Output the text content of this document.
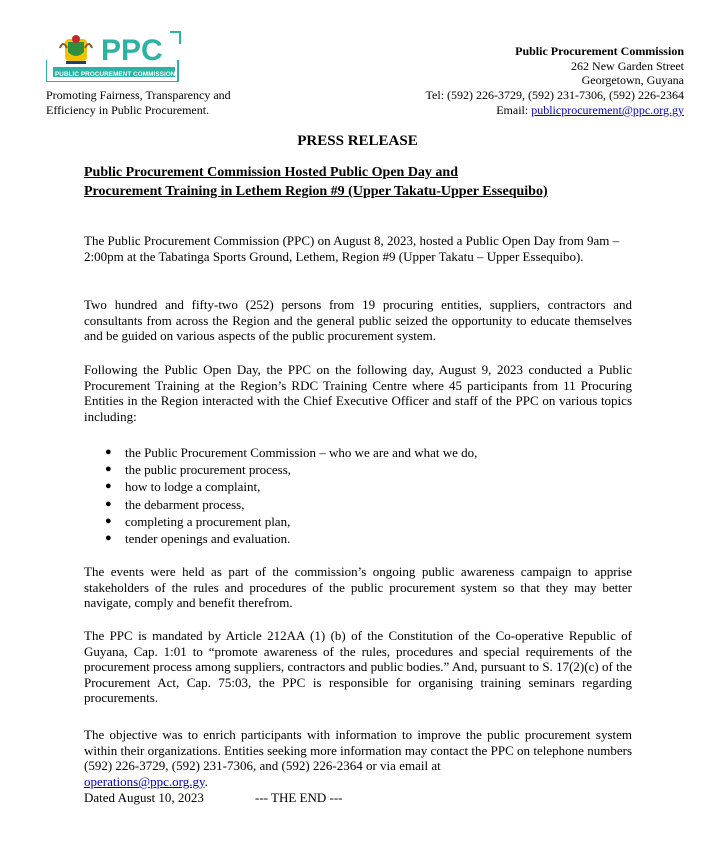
PPC
PUBLIC PROCUREMENT COMMISSION
Promoting Fairness, Transparency and
Efficiency in Public Procurement.
Public Procurement Commission
262 New Garden Street
Georgetown, Guyana
Tel: (592) 226-3729, (592) 231-7306, (592) 226-2364
Email: publicprocurement@ppc.org.gy
PRESS RELEASE
Public Procurement Commission Hosted Public Open Day and
Procurement Training in Lethem Region #9 (Upper Takatu-Upper Essequibo)
The Public Procurement Commission (PPC) on August 8, 2023, hosted a Public Open Day from 9am – 2:00pm at the Tabatinga Sports Ground, Lethem, Region #9 (Upper Takatu – Upper Essequibo).
Two hundred and fifty-two (252) persons from 19 procuring entities, suppliers, contractors and consultants from across the Region and the general public seized the opportunity to educate themselves and be guided on various aspects of the public procurement system.
Following the Public Open Day, the PPC on the following day, August 9, 2023 conducted a Public Procurement Training at the Region’s RDC Training Centre where 45 participants from 11 Procuring Entities in the Region interacted with the Chief Executive Officer and staff of the PPC on various topics including:
● the Public Procurement Commission – who we are and what we do,
● the public procurement process,
● how to lodge a complaint,
● the debarment process,
● completing a procurement plan,
● tender openings and evaluation.
The events were held as part of the commission’s ongoing public awareness campaign to apprise stakeholders of the rules and procedures of the public procurement system so that they may better navigate, comply and benefit therefrom.
The PPC is mandated by Article 212AA (1) (b) of the Constitution of the Co-operative Republic of Guyana, Cap. 1:01 to “promote awareness of the rules, procedures and special requirements of the procurement process among suppliers, contractors and public bodies.” And, pursuant to S. 17(2)(c) of the Procurement Act, Cap. 75:03, the PPC is responsible for organising training seminars regarding procurements.
The objective was to enrich participants with information to improve the public procurement system within their organizations. Entities seeking more information may contact the PPC on telephone numbers (592) 226-3729, (592) 231-7306, and (592) 226-2364 or via email at
operations@ppc.org.gy.
Dated August 10, 2023	--- THE END ---
